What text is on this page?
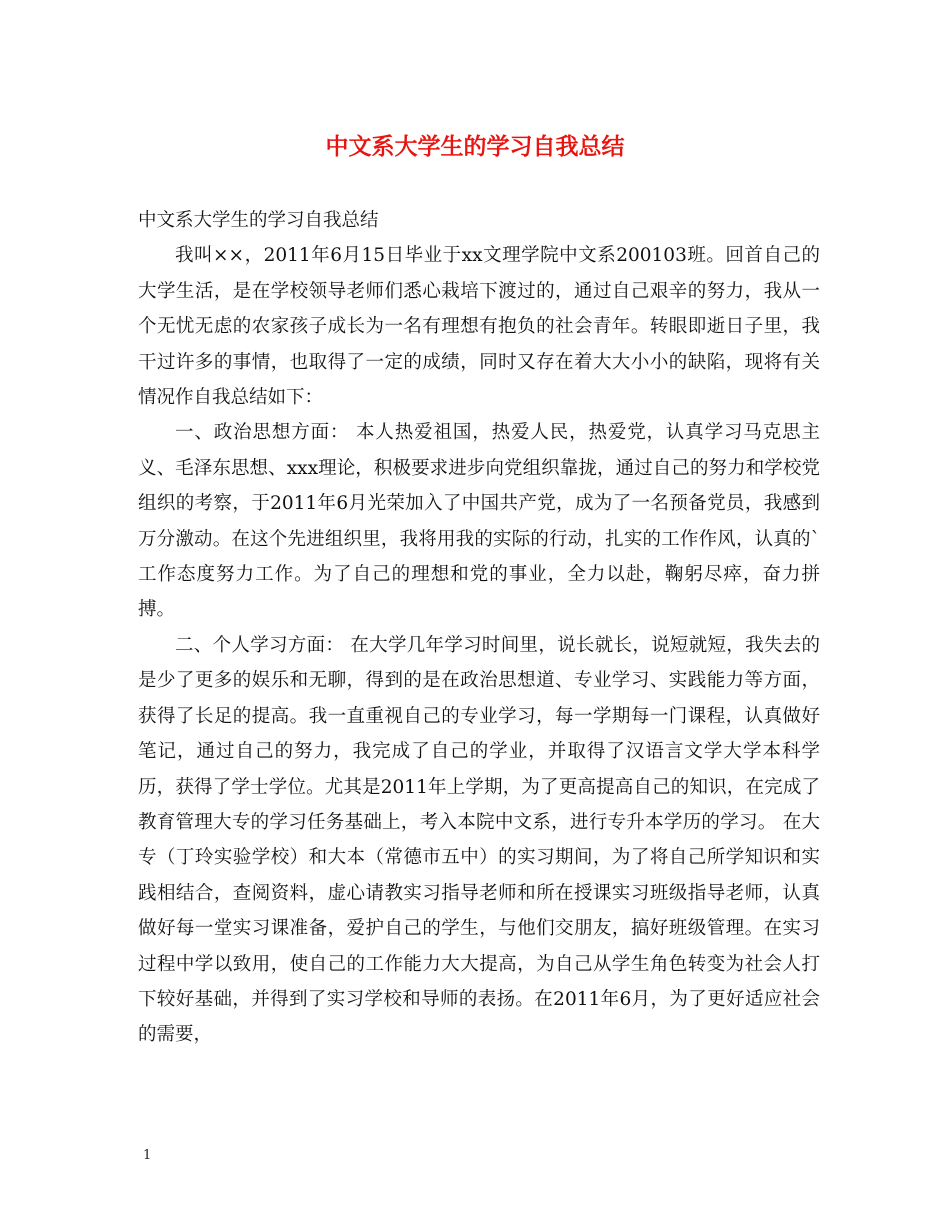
中文系大学生的学习自我总结

中文系大学生的学习自我总结

我叫××，2011年6月15日毕业于xx文理学院中文系200103班。回首自己的大学生活，是在学校领导老师们悉心栽培下渡过的，通过自己艰辛的努力，我从一个无忧无虑的农家孩子成长为一名有理想有抱负的社会青年。转眼即逝日子里，我干过许多的事情，也取得了一定的成绩，同时又存在着大大小小的缺陷，现将有关情况作自我总结如下：

一、政治思想方面： 本人热爱祖国，热爱人民，热爱党，认真学习马克思主义、毛泽东思想、xxx理论，积极要求进步向党组织靠拢，通过自己的努力和学校党组织的考察，于2011年6月光荣加入了中国共产党，成为了一名预备党员，我感到万分激动。在这个先进组织里，我将用我的实际的行动，扎实的工作作风，认真的`工作态度努力工作。为了自己的理想和党的事业，全力以赴，鞠躬尽瘁，奋力拼搏。

二、个人学习方面： 在大学几年学习时间里，说长就长，说短就短，我失去的是少了更多的娱乐和无聊，得到的是在政治思想道、专业学习、实践能力等方面，获得了长足的提高。我一直重视自己的专业学习，每一学期每一门课程，认真做好笔记，通过自己的努力，我完成了自己的学业，并取得了汉语言文学大学本科学历，获得了学士学位。尤其是2011年上学期，为了更高提高自己的知识，在完成了教育管理大专的学习任务基础上，考入本院中文系，进行专升本学历的学习。 在大专（丁玲实验学校）和大本（常德市五中）的实习期间，为了将自己所学知识和实践相结合，查阅资料，虚心请教实习指导老师和所在授课实习班级指导老师，认真做好每一堂实习课准备，爱护自己的学生，与他们交朋友，搞好班级管理。在实习过程中学以致用，使自己的工作能力大大提高，为自己从学生角色转变为社会人打下较好基础，并得到了实习学校和导师的表扬。在2011年6月，为了更好适应社会的需要，

1
